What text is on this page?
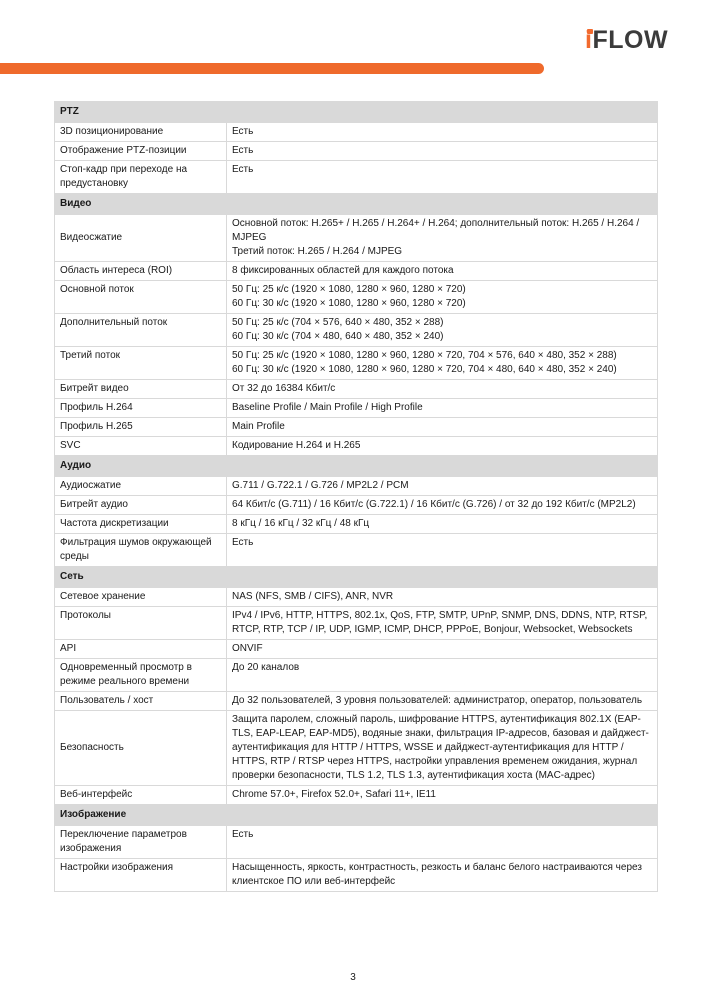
iFLOW
PTZ	
3D позиционирование	Есть
Отображение PTZ-позиции	Есть
Стоп-кадр при переходе на предустановку	Есть
Видео	
Видеосжатие	Основной поток: H.265+ / H.265 / H.264+ / H.264; дополнительный поток: H.265 / H.264 / MJPEG
Третий поток: H.265 / H.264 / MJPEG
Область интереса (ROI)	8 фиксированных областей для каждого потока
Основной поток	50 Гц: 25 к/с (1920 × 1080, 1280 × 960, 1280 × 720)
60 Гц: 30 к/с (1920 × 1080, 1280 × 960, 1280 × 720)
Дополнительный поток	50 Гц: 25 к/с (704 × 576, 640 × 480, 352 × 288)
60 Гц: 30 к/с (704 × 480, 640 × 480, 352 × 240)
Третий поток	50 Гц: 25 к/с (1920 × 1080, 1280 × 960, 1280 × 720, 704 × 576, 640 × 480, 352 × 288)
60 Гц: 30 к/с (1920 × 1080, 1280 × 960, 1280 × 720, 704 × 480, 640 × 480, 352 × 240)
Битрейт видео	От 32 до 16384 Кбит/с
Профиль H.264	Baseline Profile / Main Profile / High Profile
Профиль H.265	Main Profile
SVC	Кодирование H.264 и H.265
Аудио	
Аудиосжатие	G.711 / G.722.1 / G.726 / MP2L2 / PCM
Битрейт аудио	64 Кбит/с (G.711) / 16 Кбит/с (G.722.1) / 16 Кбит/с (G.726) / от 32 до 192 Кбит/с (MP2L2)
Частота дискретизации	8 кГц / 16 кГц / 32 кГц / 48 кГц
Фильтрация шумов окружающей среды	Есть
Сеть	
Сетевое хранение	NAS (NFS, SMB / CIFS), ANR, NVR
Протоколы	IPv4 / IPv6, HTTP, HTTPS, 802.1x, QoS, FTP, SMTP, UPnP, SNMP, DNS, DDNS, NTP, RTSP, RTCP, RTP, TCP / IP, UDP, IGMP, ICMP, DHCP, PPPoE, Bonjour, Websocket, Websockets
API	ONVIF
Одновременный просмотр в режиме реального времени	До 20 каналов
Пользователь / хост	До 32 пользователей, 3 уровня пользователей: администратор, оператор, пользователь
Безопасность	Защита паролем, сложный пароль, шифрование HTTPS, аутентификация 802.1X (EAP-TLS, EAP-LEAP, EAP-MD5), водяные знаки, фильтрация IP-адресов, базовая и дайджест-аутентификация для HTTP / HTTPS, WSSE и дайджест-аутентификация для HTTP / HTTPS, RTP / RTSP через HTTPS, настройки управления временем ожидания, журнал проверки безопасности, TLS 1.2, TLS 1.3, аутентификация хоста (MAC-адрес)
Веб-интерфейс	Chrome 57.0+, Firefox 52.0+, Safari 11+, IE11
Изображение	
Переключение параметров изображения	Есть
Настройки изображения	Насыщенность, яркость, контрастность, резкость и баланс белого настраиваются через клиентское ПО или веб-интерфейс
3
